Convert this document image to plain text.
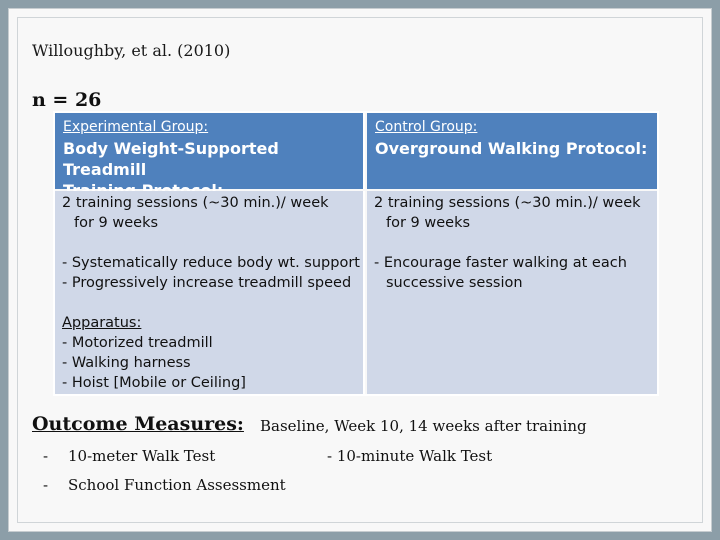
Willoughby, et al. (2010)
n = 26
Experimental Group:
Body Weight-Supported Treadmill
Control Group:
Overground Walking Protocol:

2 training sessions (~30 min.)/ week

for 9 weeks

- Systematically reduce body wt. support

- Progressively increase treadmill speed

Apparatus:

- Motorized treadmill

- Walking harness

- Hoist [Mobile or Ceiling]

2 training sessions (~30 min.)/ week

for 9 weeks

- Encourage faster walking at each

successive session

Outcome Measures: Baseline, Week 10, 14 weeks after training
- 10-meter Walk Test	- 10-minute Walk Test
- School Function Assessment
